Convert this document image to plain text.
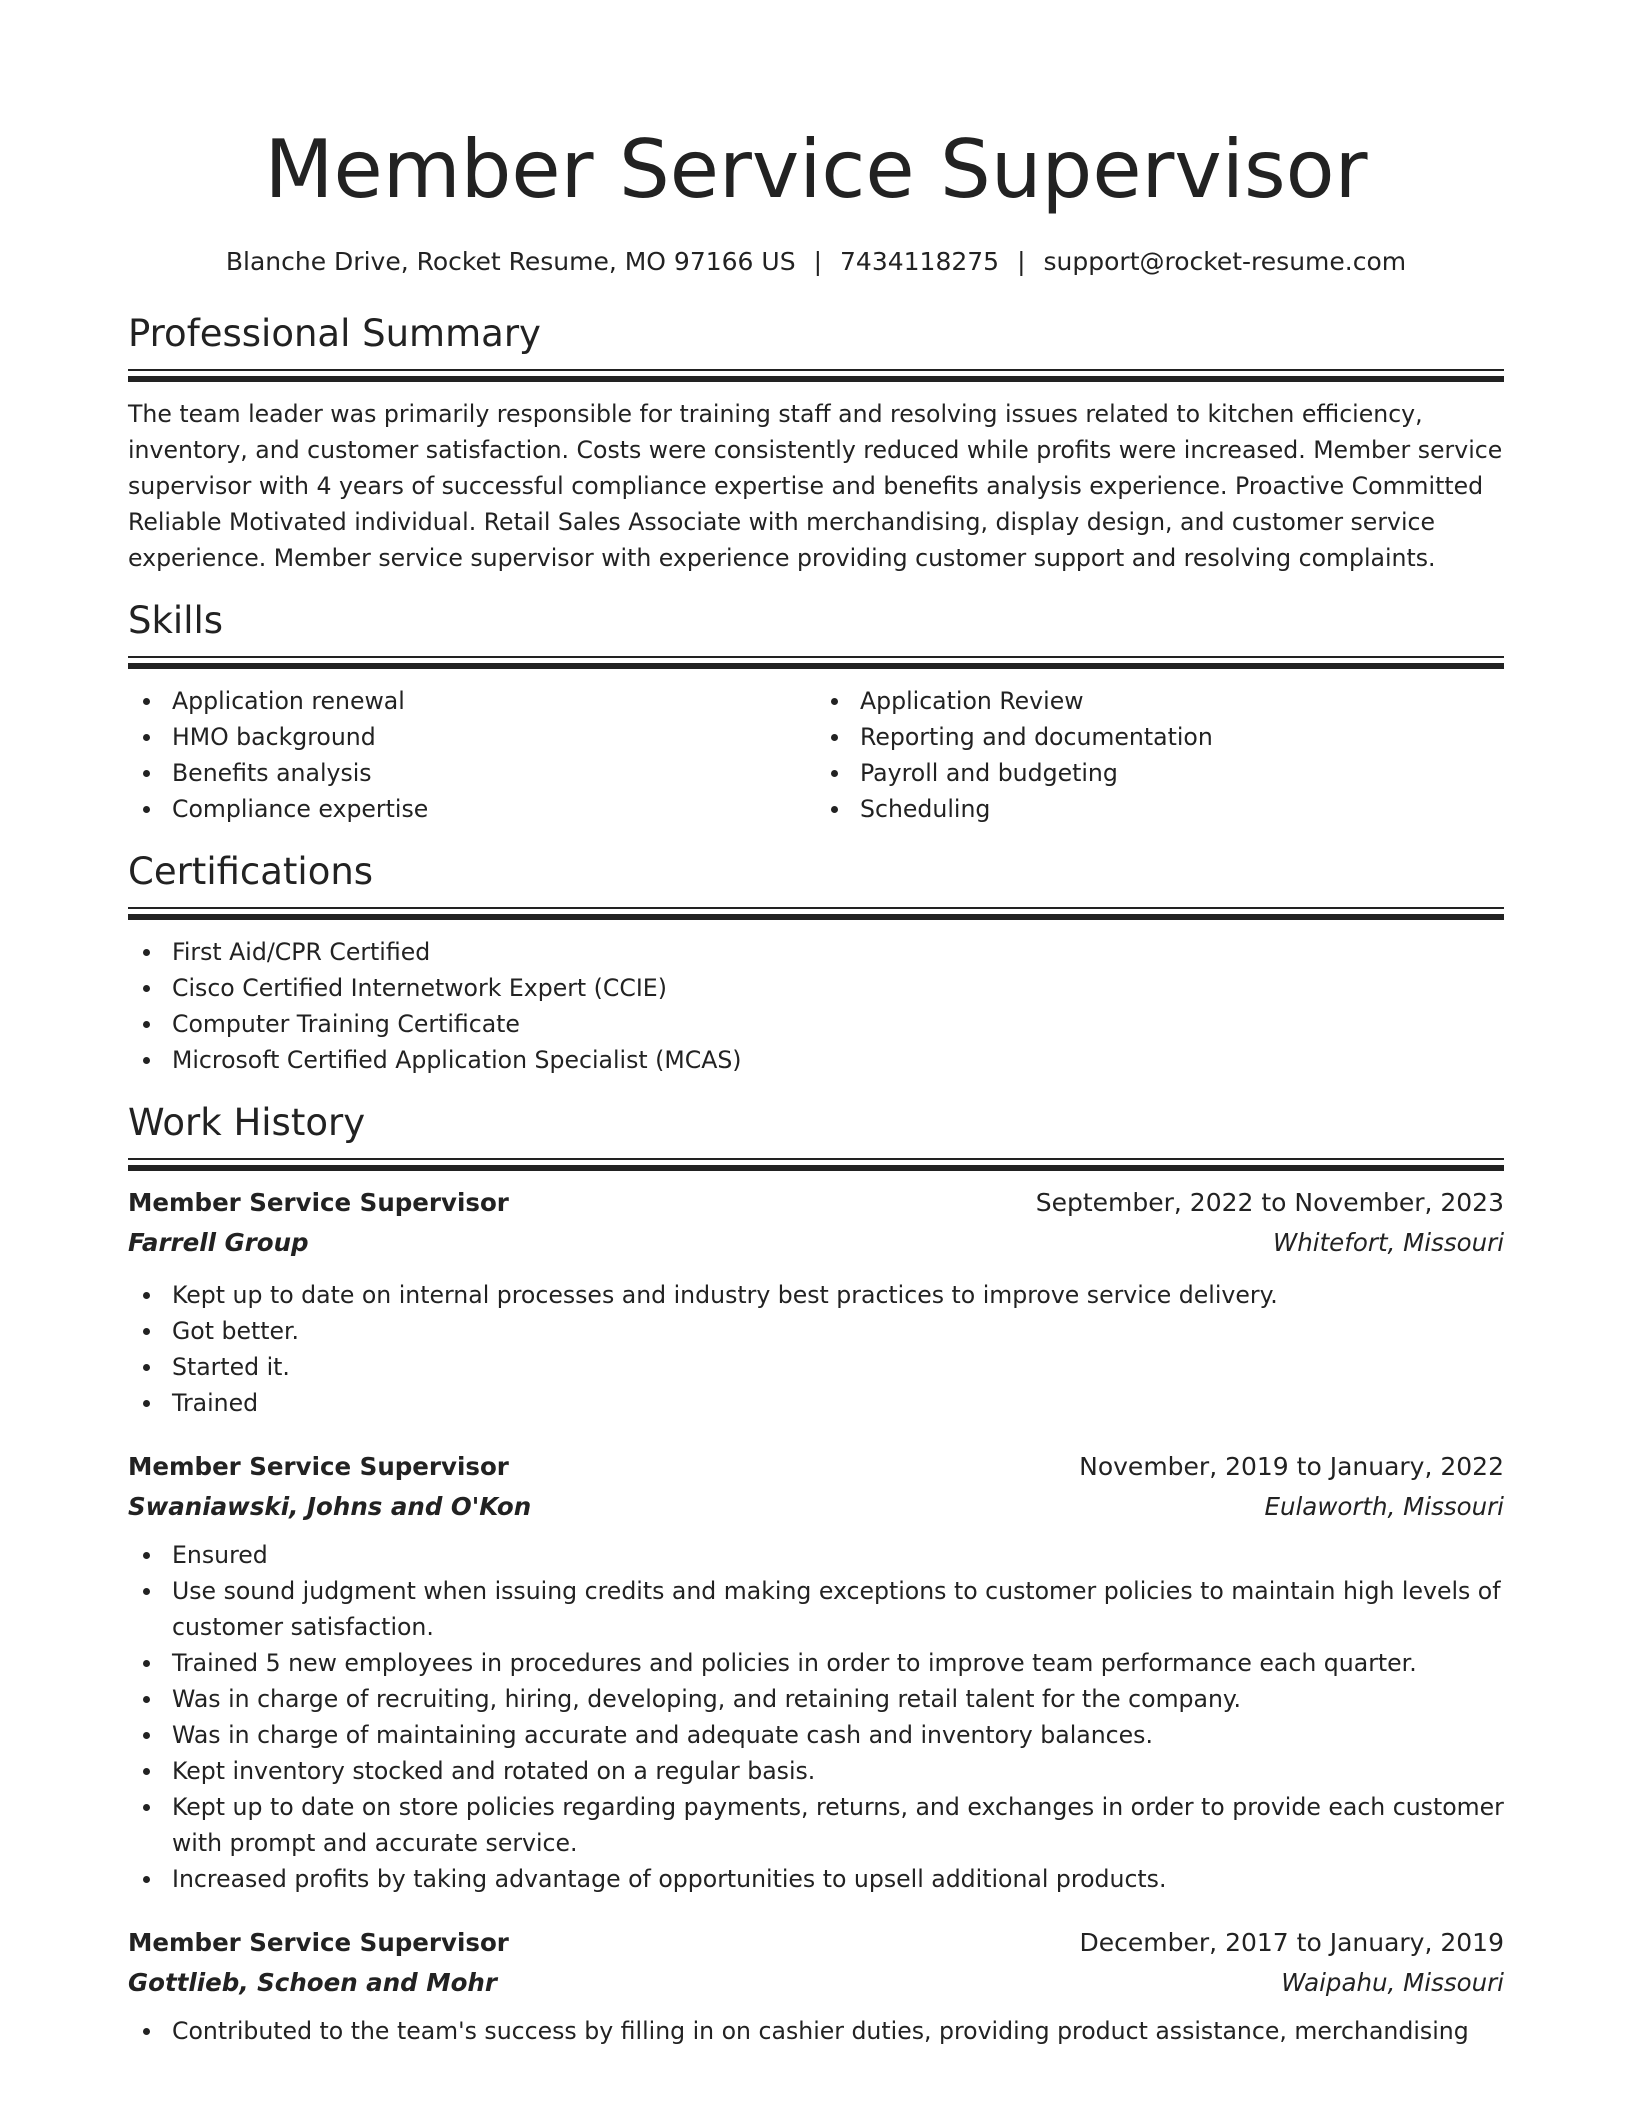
Member Service Supervisor
Blanche Drive, Rocket Resume, MO 97166 US | 7434118275 | support@rocket-resume.com
Professional Summary

The team leader was primarily responsible for training staff and resolving issues related to kitchen efficiency, inventory, and customer satisfaction. Costs were consistently reduced while profits were increased. Member service supervisor with 4 years of successful compliance expertise and benefits analysis experience. Proactive Committed Reliable Motivated individual. Retail Sales Associate with merchandising, display design, and customer service experience. Member service supervisor with experience providing customer support and resolving complaints.

Skills
Application renewal
HMO background
Benefits analysis
Compliance expertise
Application Review
Reporting and documentation
Payroll and budgeting
Scheduling
Certifications
First Aid/CPR Certified
Cisco Certified Internetwork Expert (CCIE)
Computer Training Certificate
Microsoft Certified Application Specialist (MCAS)
Work History
Member Service Supervisor	September, 2022 to November, 2023
Farrell Group	Whitefort, Missouri
Kept up to date on internal processes and industry best practices to improve service delivery.
Got better.
Started it.
Trained
Member Service Supervisor	November, 2019 to January, 2022
Swaniawski, Johns and O'Kon	Eulaworth, Missouri
Ensured
Use sound judgment when issuing credits and making exceptions to customer policies to maintain high levels of customer satisfaction.
Trained 5 new employees in procedures and policies in order to improve team performance each quarter.
Was in charge of recruiting, hiring, developing, and retaining retail talent for the company.
Was in charge of maintaining accurate and adequate cash and inventory balances.
Kept inventory stocked and rotated on a regular basis.
Kept up to date on store policies regarding payments, returns, and exchanges in order to provide each customer with prompt and accurate service.
Increased profits by taking advantage of opportunities to upsell additional products.
Member Service Supervisor	December, 2017 to January, 2019
Gottlieb, Schoen and Mohr	Waipahu, Missouri
Contributed to the team's success by filling in on cashier duties, providing product assistance, merchandising
